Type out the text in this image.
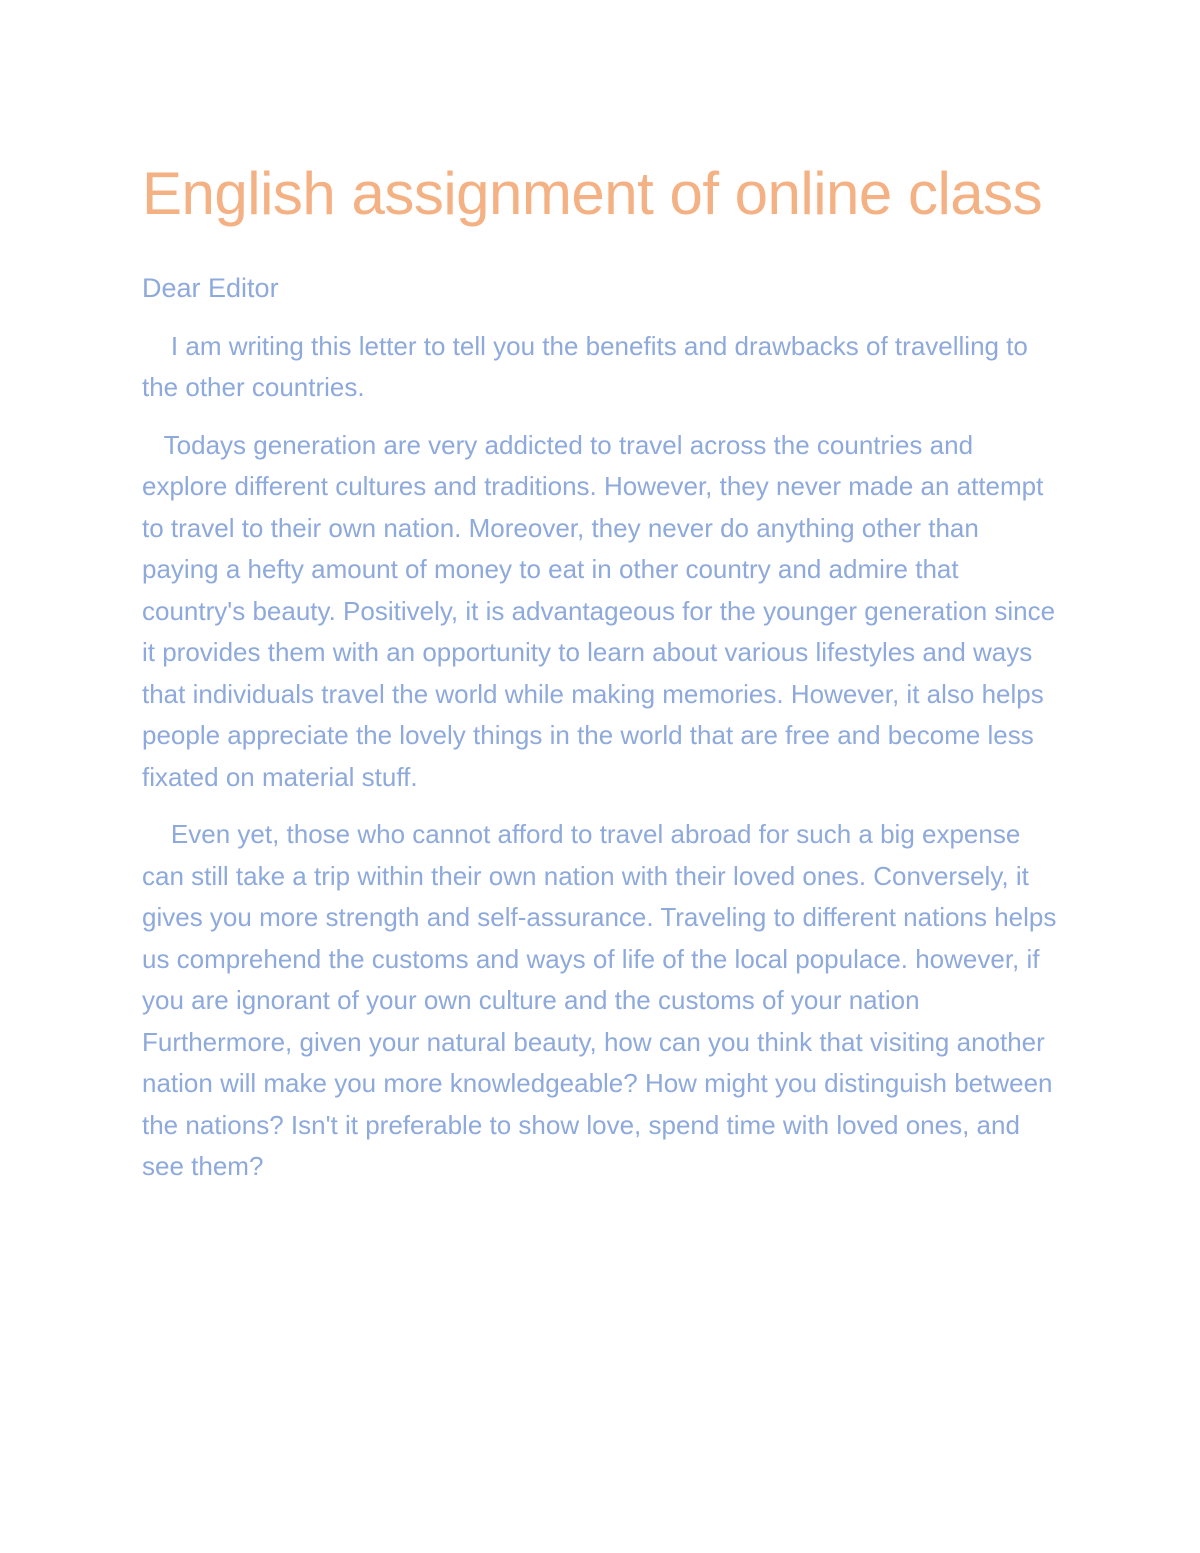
English assignment of online class

Dear Editor

I am writing this letter to tell you the benefits and drawbacks of travelling to the other countries.

Todays generation are very addicted to travel across the countries and explore different cultures and traditions. However, they never made an attempt to travel to their own nation. Moreover, they never do anything other than paying a hefty amount of money to eat in other country and admire that country's beauty. Positively, it is advantageous for the younger generation since it provides them with an opportunity to learn about various lifestyles and ways that individuals travel the world while making memories. However, it also helps people appreciate the lovely things in the world that are free and become less fixated on material stuff.

Even yet, those who cannot afford to travel abroad for such a big expense can still take a trip within their own nation with their loved ones. Conversely, it gives you more strength and self-assurance. Traveling to different nations helps us comprehend the customs and ways of life of the local populace. however, if you are ignorant of your own culture and the customs of your nation Furthermore, given your natural beauty, how can you think that visiting another nation will make you more knowledgeable? How might you distinguish between the nations? Isn't it preferable to show love, spend time with loved ones, and see them?
